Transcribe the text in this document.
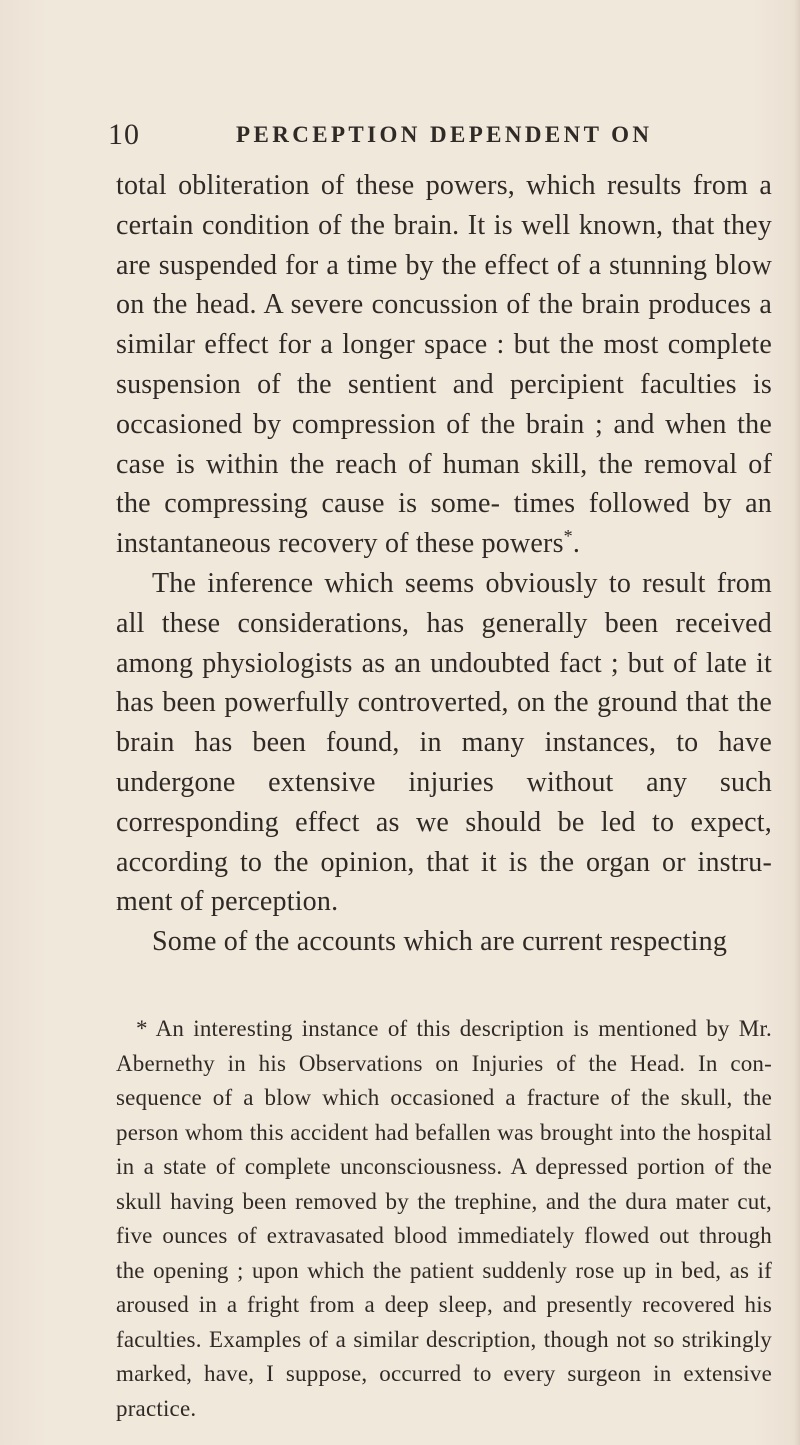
10	PERCEPTION DEPENDENT ON

total obliteration of these powers, which results from a certain condition of the brain. It is well known, that they are suspended for a time by the effect of a stunning blow on the head. A severe concussion of the brain produces a similar effect for a longer space : but the most complete suspension of the sentient and percipient faculties is occasioned by compression of the brain ; and when the case is within the reach of human skill, the removal of the compressing cause is some- times followed by an instantaneous recovery of these powers*.

The inference which seems obviously to result from all these considerations, has generally been received among physiologists as an undoubted fact ; but of late it has been powerfully controverted, on the ground that the brain has been found, in many instances, to have undergone extensive injuries without any such corresponding effect as we should be led to expect, according to the opinion, that it is the organ or instru- ment of perception.

Some of the accounts which are current respecting

* An interesting instance of this description is mentioned by Mr. Abernethy in his Observations on Injuries of the Head. In con- sequence of a blow which occasioned a fracture of the skull, the person whom this accident had befallen was brought into the hospital in a state of complete unconsciousness. A depressed portion of the skull having been removed by the trephine, and the dura mater cut, five ounces of extravasated blood immediately flowed out through the opening ; upon which the patient suddenly rose up in bed, as if aroused in a fright from a deep sleep, and presently recovered his faculties. Examples of a similar description, though not so strikingly marked, have, I suppose, occurred to every surgeon in extensive practice.
